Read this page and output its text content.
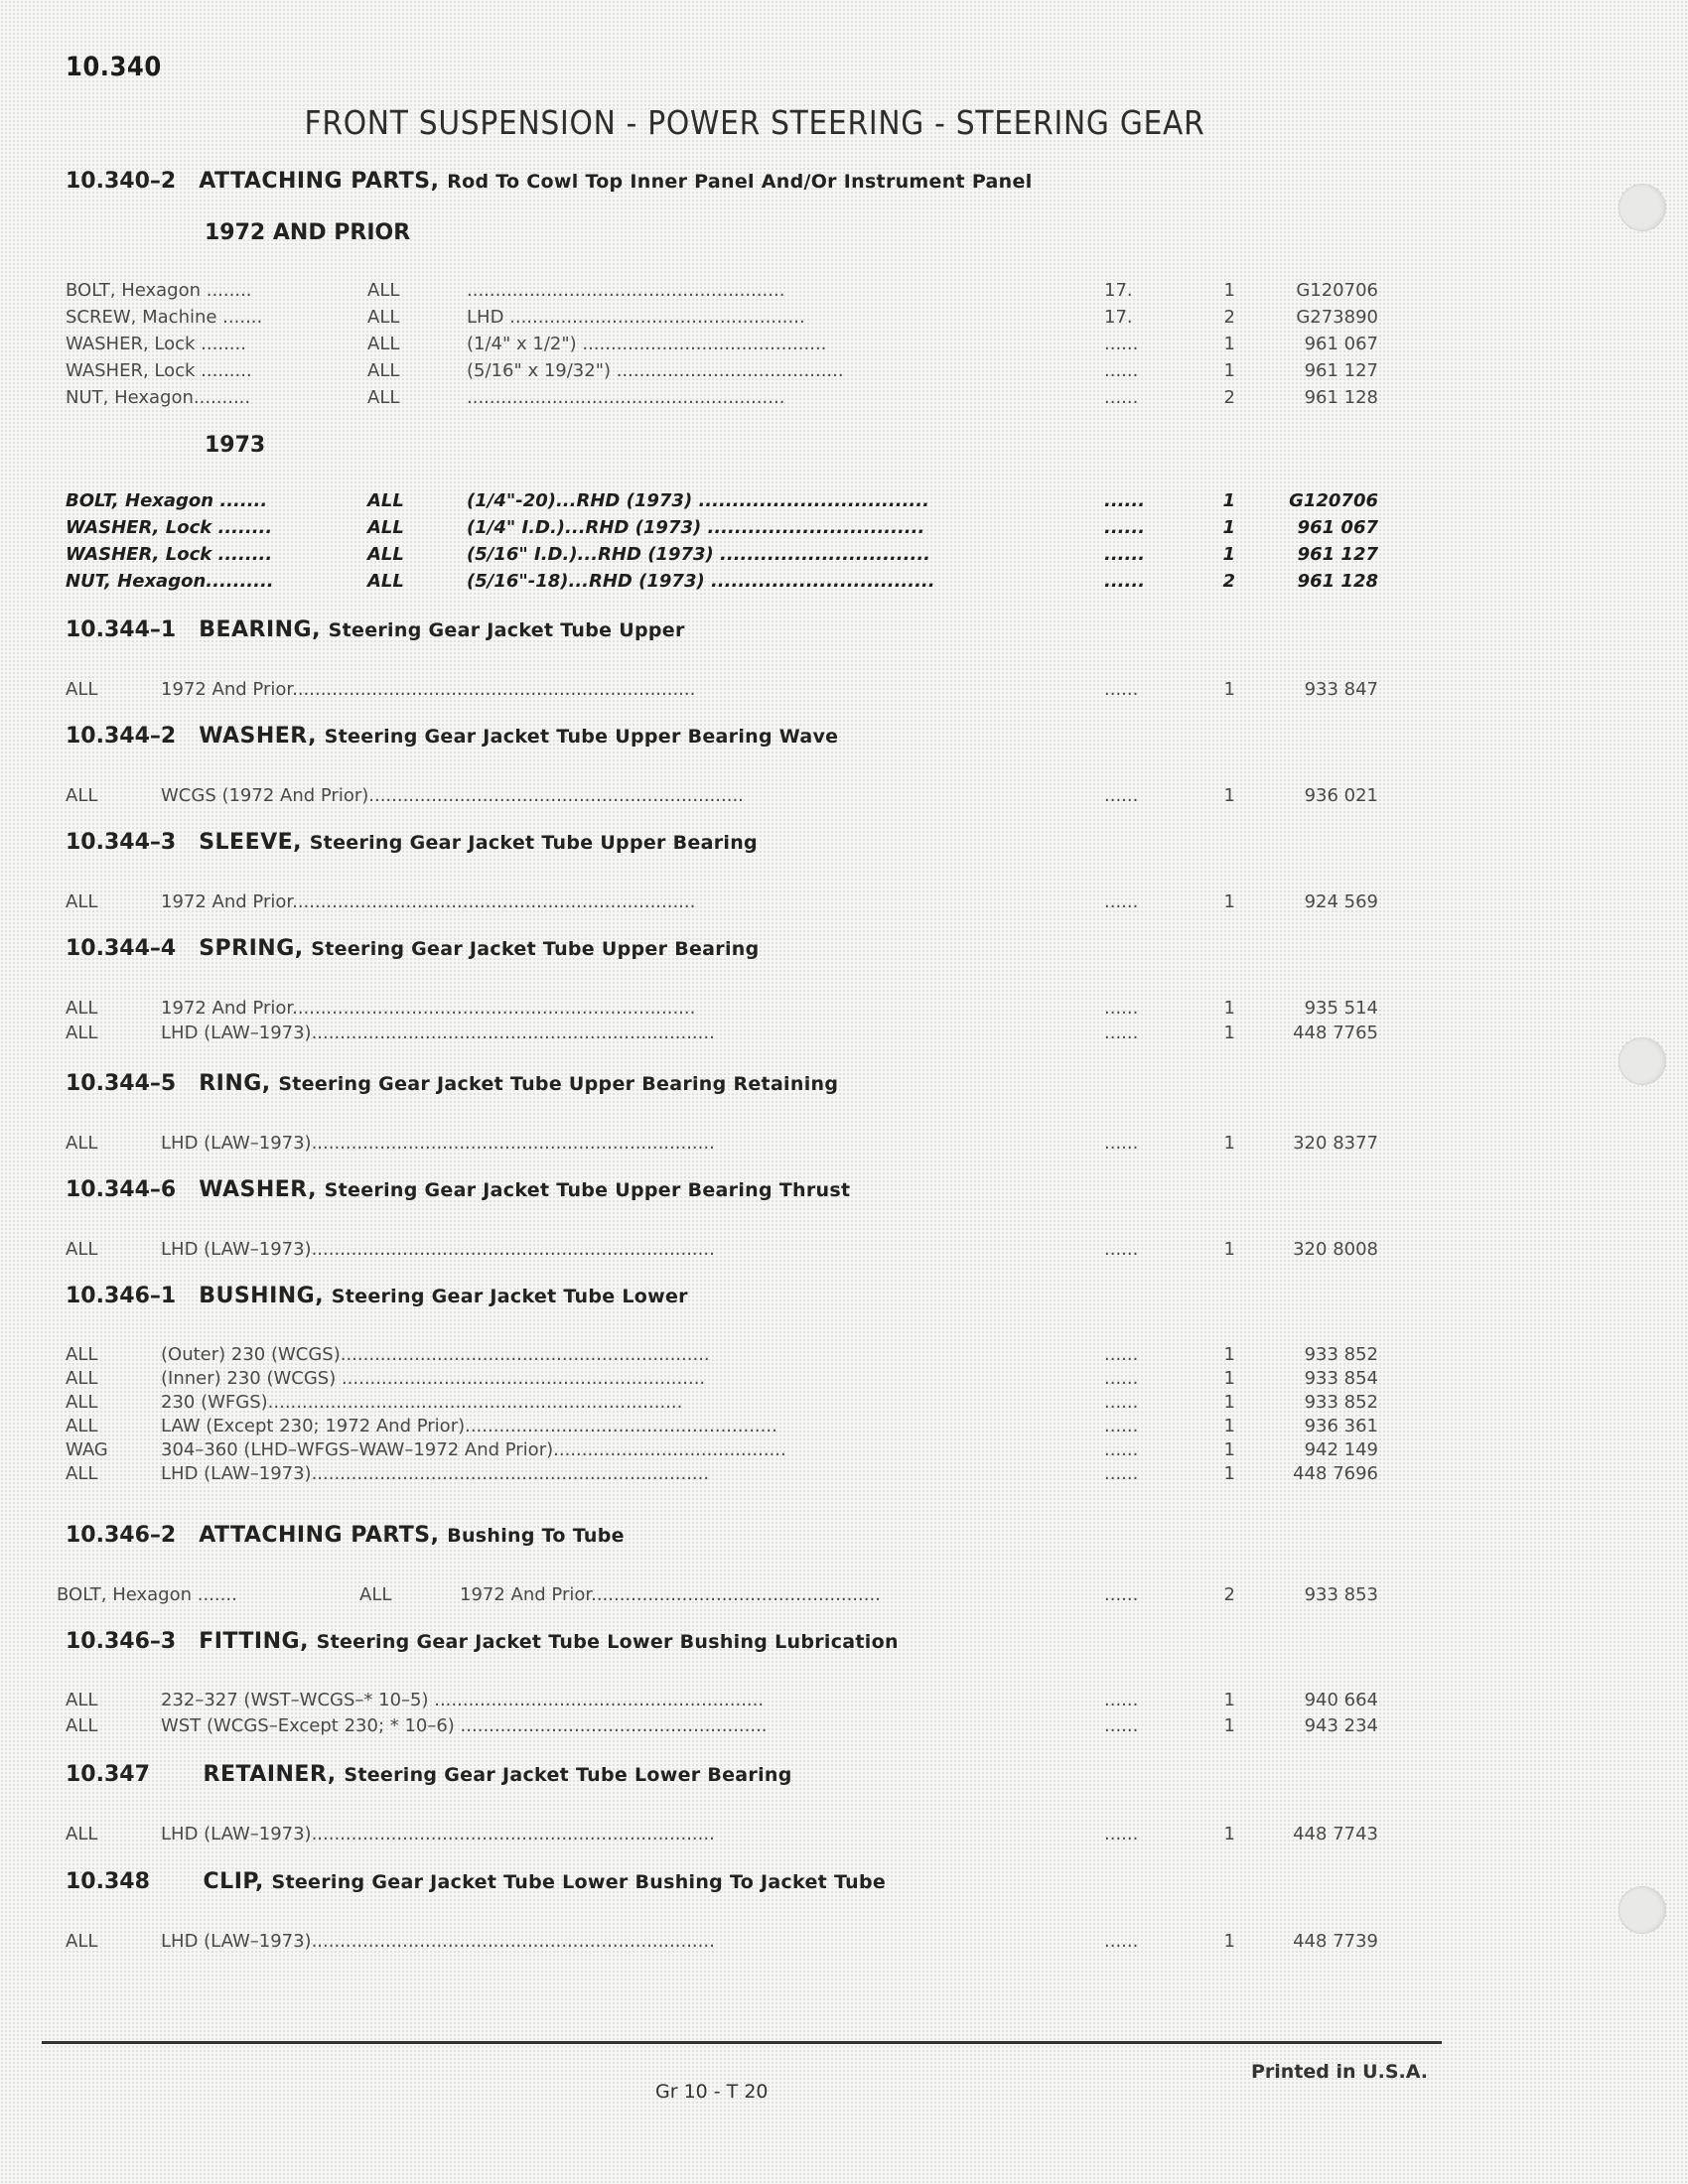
10.340
FRONT SUSPENSION - POWER STEERING - STEERING GEAR
10.340–2 ATTACHING PARTS, Rod To Cowl Top Inner Panel And/Or Instrument Panel
1972 AND PRIOR
BOLT, Hexagon ........	ALL	........................................................	17.	1	G120706
SCREW, Machine .......	ALL	LHD ....................................................	17.	2	G273890
WASHER, Lock ........	ALL	(1/4" x 1/2") ...........................................	......	1	961 067
WASHER, Lock .........	ALL	(5/16" x 19/32") ........................................	......	1	961 127
NUT, Hexagon..........	ALL	........................................................	......	2	961 128
1973
BOLT, Hexagon .......	ALL	(1/4"-20)...RHD (1973) ..................................	......	1	G120706
WASHER, Lock ........	ALL	(1/4" I.D.)...RHD (1973) ................................	......	1	961 067
WASHER, Lock ........	ALL	(5/16" I.D.)...RHD (1973) ...............................	......	1	961 127
NUT, Hexagon..........	ALL	(5/16"-18)...RHD (1973) .................................	......	2	961 128
10.344–1 BEARING, Steering Gear Jacket Tube Upper
ALL	1972 And Prior.......................................................................	......	1	933 847
10.344–2 WASHER, Steering Gear Jacket Tube Upper Bearing Wave
ALL	WCGS (1972 And Prior)..................................................................	......	1	936 021
10.344–3 SLEEVE, Steering Gear Jacket Tube Upper Bearing
ALL	1972 And Prior.......................................................................	......	1	924 569
10.344–4 SPRING, Steering Gear Jacket Tube Upper Bearing
ALL	1972 And Prior.......................................................................	......	1	935 514
ALL	LHD (LAW–1973).......................................................................	......	1	448 7765
10.344–5 RING, Steering Gear Jacket Tube Upper Bearing Retaining
ALL	LHD (LAW–1973).......................................................................	......	1	320 8377
10.344–6 WASHER, Steering Gear Jacket Tube Upper Bearing Thrust
ALL	LHD (LAW–1973).......................................................................	......	1	320 8008
10.346–1 BUSHING, Steering Gear Jacket Tube Lower
ALL	(Outer) 230 (WCGS).................................................................	......	1	933 852
ALL	(Inner) 230 (WCGS) ................................................................	......	1	933 854
ALL	230 (WFGS).........................................................................	......	1	933 852
ALL	LAW (Except 230; 1972 And Prior).......................................................	......	1	936 361
WAG	304–360 (LHD–WFGS–WAW–1972 And Prior).........................................	......	1	942 149
ALL	LHD (LAW–1973)......................................................................	......	1	448 7696
10.346–2 ATTACHING PARTS, Bushing To Tube
BOLT, Hexagon .......	ALL	1972 And Prior...................................................	......	2	933 853
10.346–3 FITTING, Steering Gear Jacket Tube Lower Bushing Lubrication
ALL	232–327 (WST–WCGS–* 10–5) ..........................................................	......	1	940 664
ALL	WST (WCGS–Except 230; * 10–6) ......................................................	......	1	943 234
10.347 RETAINER, Steering Gear Jacket Tube Lower Bearing
ALL	LHD (LAW–1973).......................................................................	......	1	448 7743
10.348 CLIP, Steering Gear Jacket Tube Lower Bushing To Jacket Tube
ALL	LHD (LAW–1973).......................................................................	......	1	448 7739
Gr 10 - T 20
Printed in U.S.A.
